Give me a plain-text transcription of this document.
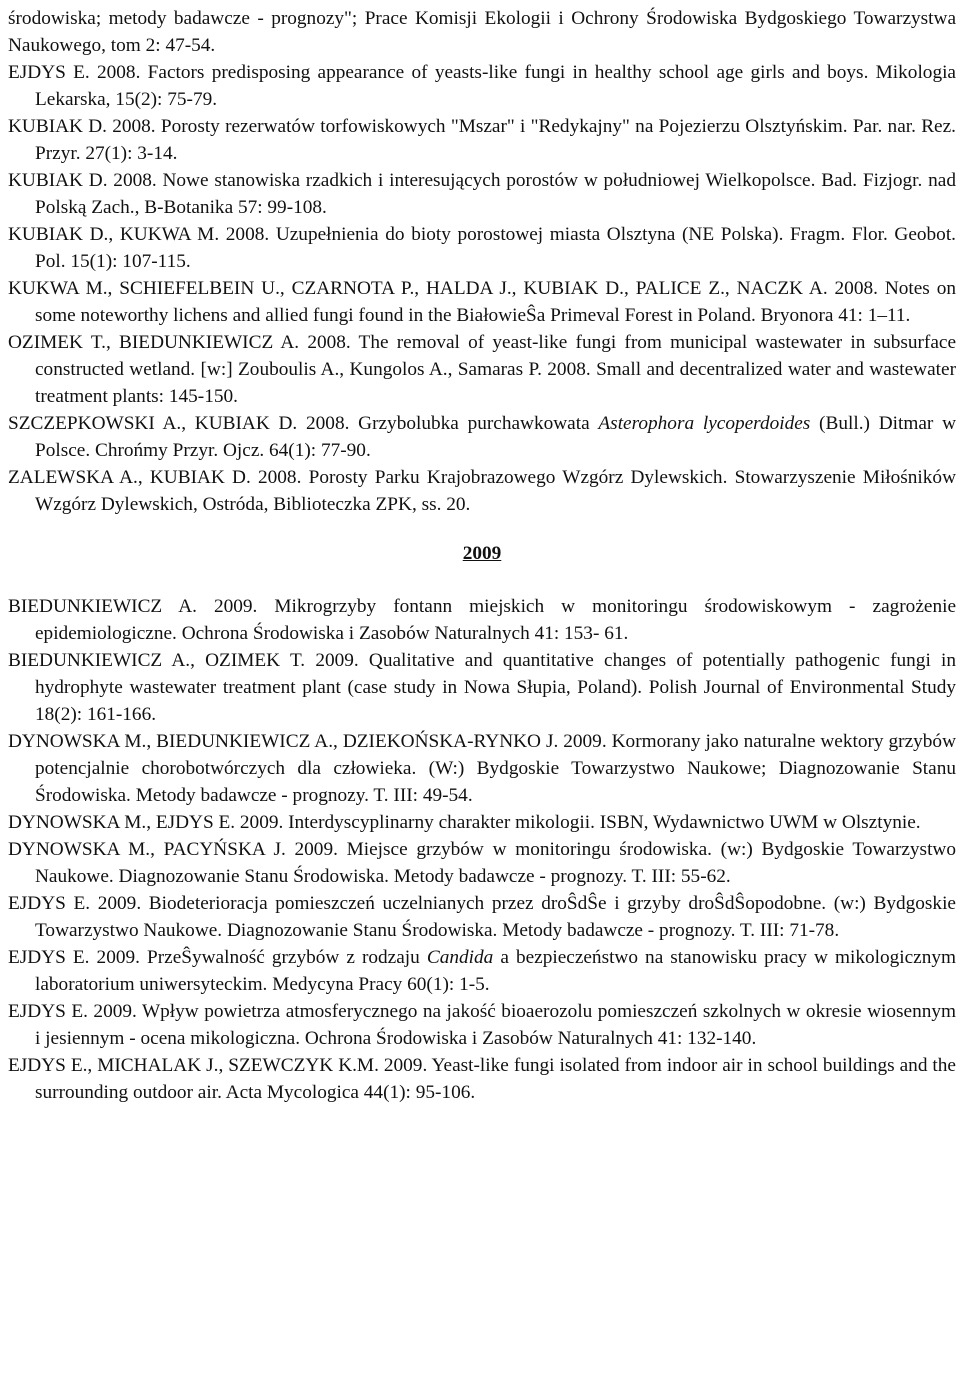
środowiska; metody badawcze - prognozy"; Prace Komisji Ekologii i Ochrony Środowiska Bydgoskiego Towarzystwa Naukowego, tom 2: 47-54.

EJDYS E. 2008. Factors predisposing appearance of yeasts-like fungi in healthy school age girls and boys. Mikologia Lekarska, 15(2): 75-79.

KUBIAK D. 2008. Porosty rezerwatów torfowiskowych "Mszar" i "Redykajny" na Pojezierzu Olsztyńskim. Par. nar. Rez. Przyr. 27(1): 3-14.

KUBIAK D. 2008. Nowe stanowiska rzadkich i interesujących porostów w południowej Wielkopolsce. Bad. Fizjogr. nad Polską Zach., B-Botanika 57: 99-108.

KUBIAK D., KUKWA M. 2008. Uzupełnienia do bioty porostowej miasta Olsztyna (NE Polska). Fragm. Flor. Geobot. Pol. 15(1): 107-115.

KUKWA M., SCHIEFELBEIN U., CZARNOTA P., HALDA J., KUBIAK D., PALICE Z., NACZK A. 2008. Notes on some noteworthy lichens and allied fungi found in the BiałowieŜa Primeval Forest in Poland. Bryonora 41: 1–11.

OZIMEK T., BIEDUNKIEWICZ A. 2008. The removal of yeast-like fungi from municipal wastewater in subsurface constructed wetland. [w:] Zouboulis A., Kungolos A., Samaras P. 2008. Small and decentralized water and wastewater treatment plants: 145-150.

SZCZEPKOWSKI A., KUBIAK D. 2008. Grzybolubka purchawkowata Asterophora lycoperdoides (Bull.) Ditmar w Polsce. Chrońmy Przyr. Ojcz. 64(1): 77-90.

ZALEWSKA A., KUBIAK D. 2008. Porosty Parku Krajobrazowego Wzgórz Dylewskich. Stowarzyszenie Miłośników Wzgórz Dylewskich, Ostróda, Biblioteczka ZPK, ss. 20.

2009

BIEDUNKIEWICZ A. 2009. Mikrogrzyby fontann miejskich w monitoringu środowiskowym - zagrożenie epidemiologiczne. Ochrona Środowiska i Zasobów Naturalnych 41: 153- 61.

BIEDUNKIEWICZ A., OZIMEK T. 2009. Qualitative and quantitative changes of potentially pathogenic fungi in hydrophyte wastewater treatment plant (case study in Nowa Słupia, Poland). Polish Journal of Environmental Study 18(2): 161-166.

DYNOWSKA M., BIEDUNKIEWICZ A., DZIEKOŃSKA-RYNKO J. 2009. Kormorany jako naturalne wektory grzybów potencjalnie chorobotwórczych dla człowieka. (W:) Bydgoskie Towarzystwo Naukowe; Diagnozowanie Stanu Środowiska. Metody badawcze - prognozy. T. III: 49-54.

DYNOWSKA M., EJDYS E. 2009. Interdyscyplinarny charakter mikologii. ISBN, Wydawnictwo UWM w Olsztynie.

DYNOWSKA M., PACYŃSKA J. 2009. Miejsce grzybów w monitoringu środowiska. (w:) Bydgoskie Towarzystwo Naukowe. Diagnozowanie Stanu Środowiska. Metody badawcze - prognozy. T. III: 55-62.

EJDYS E. 2009. Biodeterioracja pomieszczeń uczelnianych przez droŜdŜe i grzyby droŜdŜopodobne. (w:) Bydgoskie Towarzystwo Naukowe. Diagnozowanie Stanu Środowiska. Metody badawcze - prognozy. T. III: 71-78.

EJDYS E. 2009. PrzeŜywalność grzybów z rodzaju Candida a bezpieczeństwo na stanowisku pracy w mikologicznym laboratorium uniwersyteckim. Medycyna Pracy 60(1): 1-5.

EJDYS E. 2009. Wpływ powietrza atmosferycznego na jakość bioaerozolu pomieszczeń szkolnych w okresie wiosennym i jesiennym - ocena mikologiczna. Ochrona Środowiska i Zasobów Naturalnych 41: 132-140.

EJDYS E., MICHALAK J., SZEWCZYK K.M. 2009. Yeast-like fungi isolated from indoor air in school buildings and the surrounding outdoor air. Acta Mycologica 44(1): 95-106.
